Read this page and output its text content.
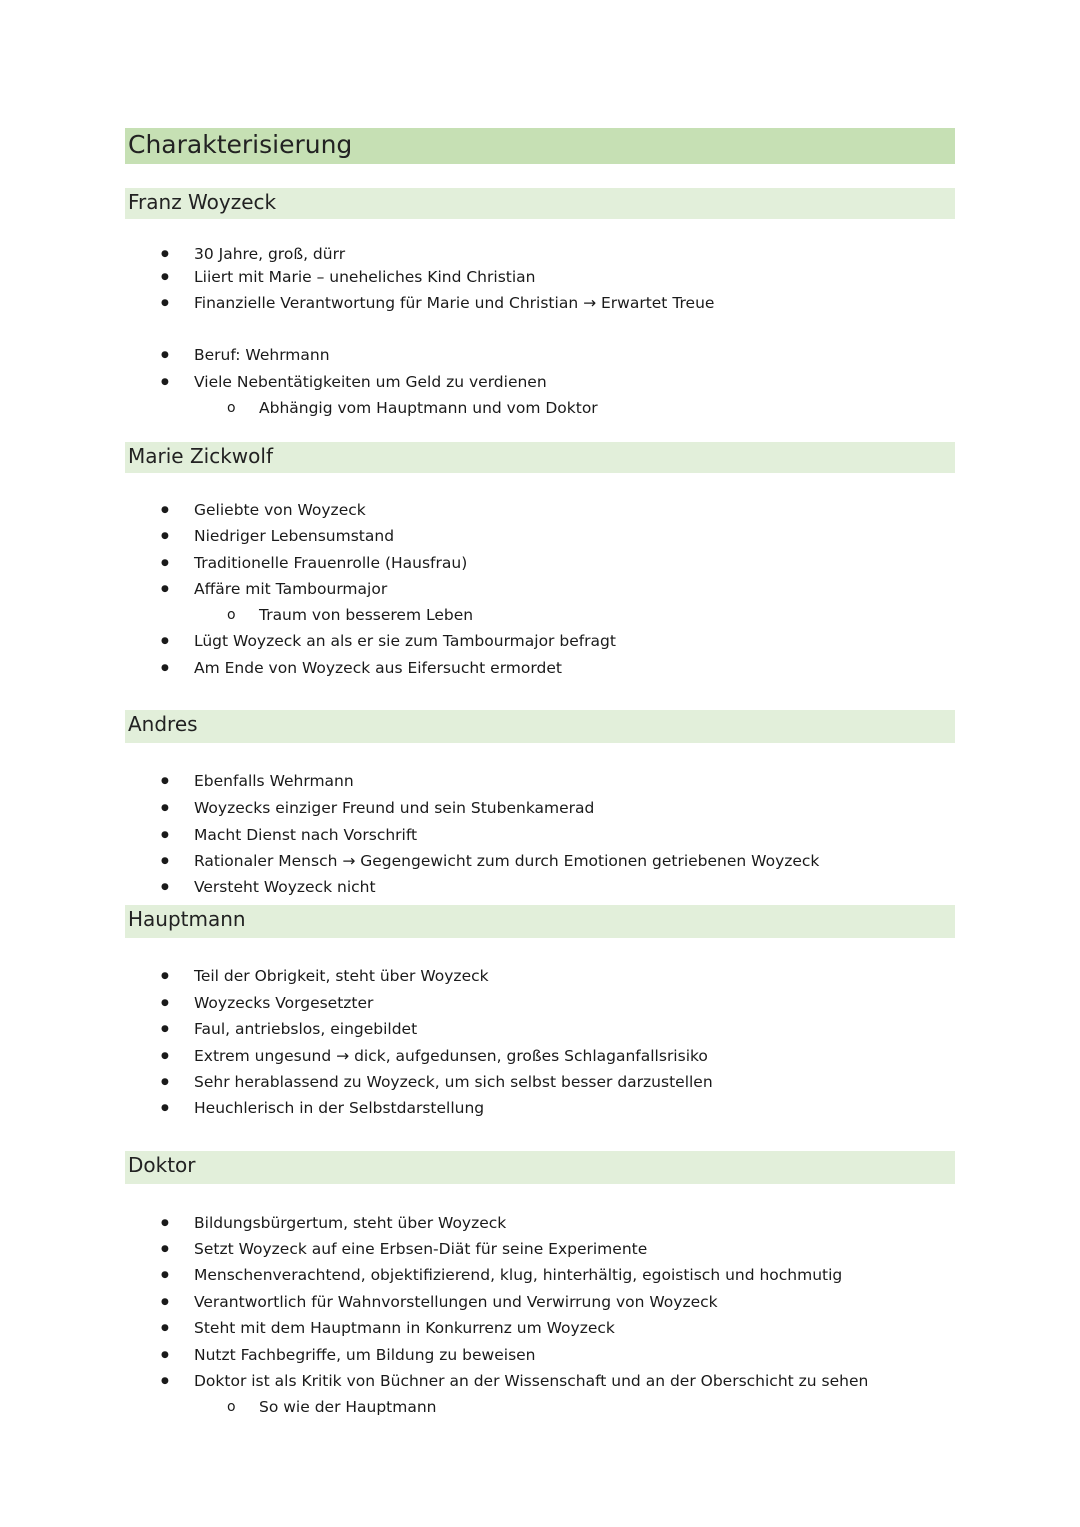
Charakterisierung
Franz Woyzeck
● 30 Jahre, groß, dürr
● Liiert mit Marie – uneheliches Kind Christian
● Finanzielle Verantwortung für Marie und Christian → Erwartet Treue
● Beruf: Wehrmann
● Viele Nebentätigkeiten um Geld zu verdienen
o Abhängig vom Hauptmann und vom Doktor
Marie Zickwolf
● Geliebte von Woyzeck
● Niedriger Lebensumstand
● Traditionelle Frauenrolle (Hausfrau)
● Affäre mit Tambourmajor
o Traum von besserem Leben
● Lügt Woyzeck an als er sie zum Tambourmajor befragt
● Am Ende von Woyzeck aus Eifersucht ermordet
Andres
● Ebenfalls Wehrmann
● Woyzecks einziger Freund und sein Stubenkamerad
● Macht Dienst nach Vorschrift
● Rationaler Mensch → Gegengewicht zum durch Emotionen getriebenen Woyzeck
● Versteht Woyzeck nicht
Hauptmann
● Teil der Obrigkeit, steht über Woyzeck
● Woyzecks Vorgesetzter
● Faul, antriebslos, eingebildet
● Extrem ungesund → dick, aufgedunsen, großes Schlaganfallsrisiko
● Sehr herablassend zu Woyzeck, um sich selbst besser darzustellen
● Heuchlerisch in der Selbstdarstellung
Doktor
● Bildungsbürgertum, steht über Woyzeck
● Setzt Woyzeck auf eine Erbsen-Diät für seine Experimente
● Menschenverachtend, objektifizierend, klug, hinterhältig, egoistisch und hochmutig
● Verantwortlich für Wahnvorstellungen und Verwirrung von Woyzeck
● Steht mit dem Hauptmann in Konkurrenz um Woyzeck
● Nutzt Fachbegriffe, um Bildung zu beweisen
● Doktor ist als Kritik von Büchner an der Wissenschaft und an der Oberschicht zu sehen
o So wie der Hauptmann
